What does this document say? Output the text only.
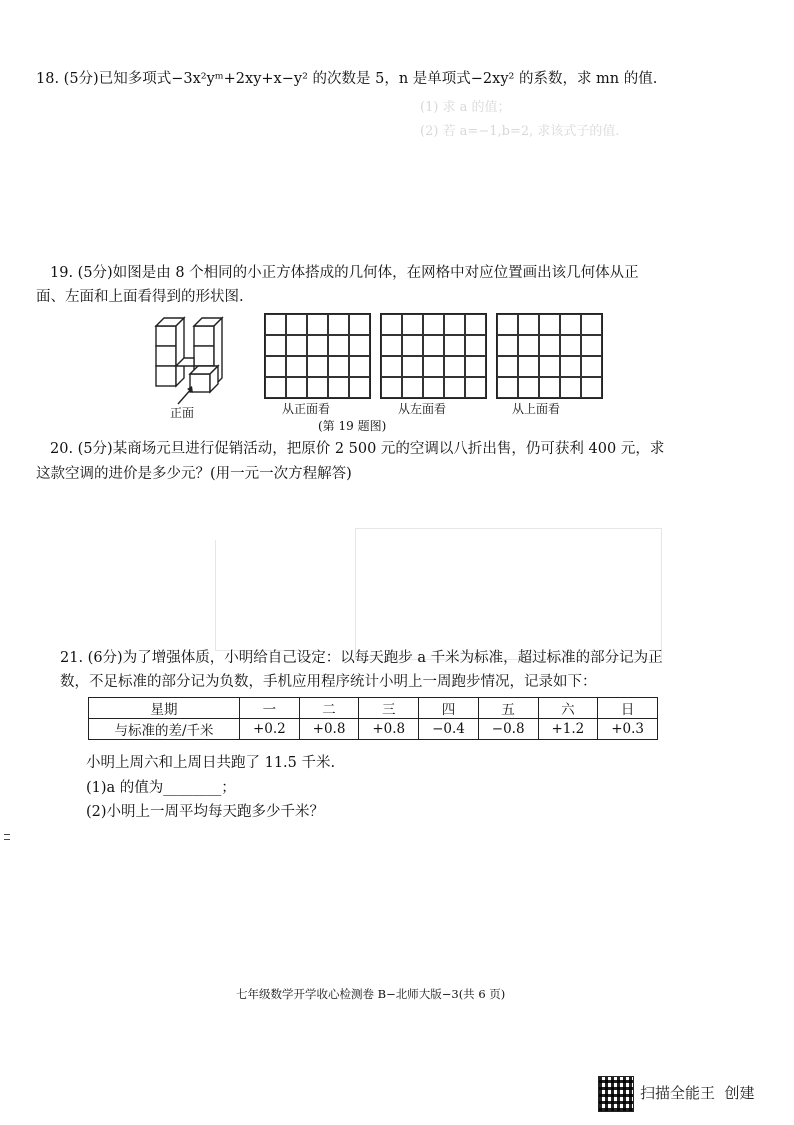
(1) 求 a 的值；
(2) 若 a=−1,b=2, 求该式子的值.
18. (5分)已知多项式−3x²yᵐ+2xy+x−y² 的次数是 5，n 是单项式−2xy² 的系数，求 mn 的值.
19. (5分)如图是由 8 个相同的小正方体搭成的几何体，在网格中对应位置画出该几何体从正
面、左面和上面看得到的形状图.
正面	从正面看	从左面看	从上面看
(第 19 题图)
20. (5分)某商场元旦进行促销活动，把原价 2 500 元的空调以八折出售，仍可获利 400 元，求
这款空调的进价是多少元？(用一元一次方程解答)
21. (6分)为了增强体质，小明给自己设定：以每天跑步 a 千米为标准，超过标准的部分记为正
数，不足标准的部分记为负数，手机应用程序统计小明上一周跑步情况，记录如下：
星期	一	二	三	四	五	六	日
与标准的差/千米	+0.2	+0.8	+0.8	−0.4	−0.8	+1.2	+0.3
小明上周六和上周日共跑了 11.5 千米.
(1)a 的值为________；
(2)小明上一周平均每天跑多少千米？
七年级数学开学收心检测卷 B−北师大版−3(共 6 页)
扫描全能王  创建
